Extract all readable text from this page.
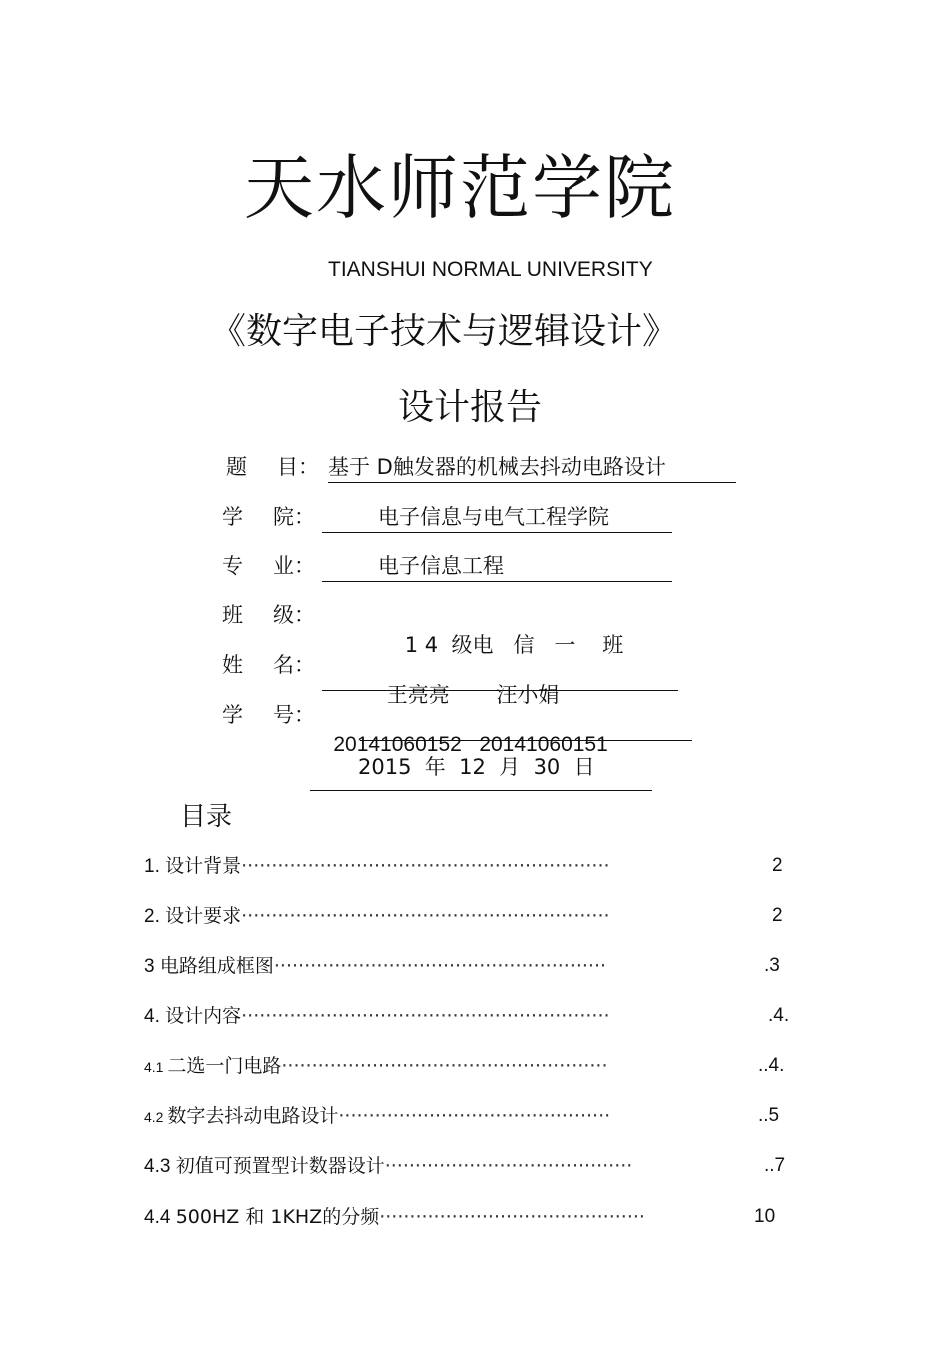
天水师范学院
TIANSHUI NORMAL UNIVERSITY
《数字电子技术与逻辑设计》
设计报告
题 目： 基于 D触发器的机械去抖动电路设计
学 院：	电子信息与电气工程学院
专 业：	电子信息工程
班 级：

1 4  级电   信   一    班

姓 名：

王亮亮       汪小娟

学 号：

20141060152   20141060151

2015  年  12  月  30  日
目录
1. 设计背景·····························································	2
2. 设计要求·····························································	2
3 电路组成框图·······················································	.3
4. 设计内容·····························································	.4.
4.1 二选一门电路······················································	..4.
4.2 数字去抖动电路设计·············································	..5
4.3 初值可预置型计数器设计·········································	..7
4.4 500HZ 和 1KHZ的分频············································	10
